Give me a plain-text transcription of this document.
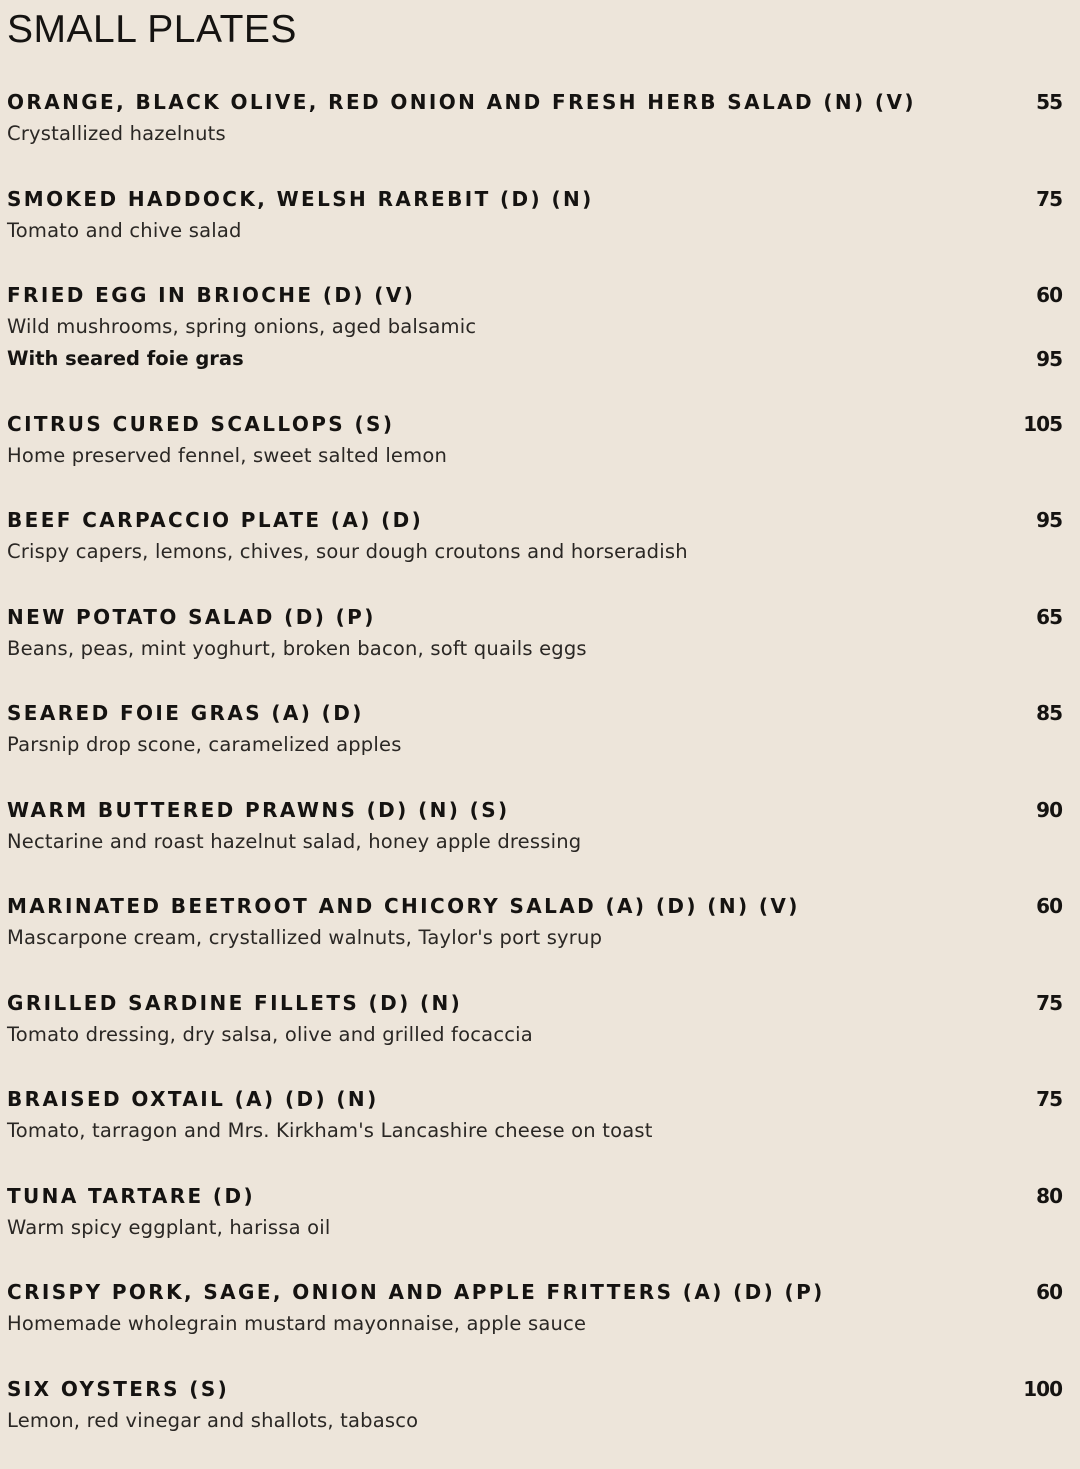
SMALL PLATES
ORANGE, BLACK OLIVE, RED ONION AND FRESH HERB SALAD (N) (V)	55
Crystallized hazelnuts
SMOKED HADDOCK, WELSH RAREBIT (D) (N)	75
Tomato and chive salad
FRIED EGG IN BRIOCHE (D) (V)	60
Wild mushrooms, spring onions, aged balsamic
With seared foie gras	95
CITRUS CURED SCALLOPS (S)	105
Home preserved fennel, sweet salted lemon
BEEF CARPACCIO PLATE (A) (D)	95
Crispy capers, lemons, chives, sour dough croutons and horseradish
NEW POTATO SALAD (D) (P)	65
Beans, peas, mint yoghurt, broken bacon, soft quails eggs
SEARED FOIE GRAS (A) (D)	85
Parsnip drop scone, caramelized apples
WARM BUTTERED PRAWNS (D) (N) (S)	90
Nectarine and roast hazelnut salad, honey apple dressing
MARINATED BEETROOT AND CHICORY SALAD (A) (D) (N) (V)	60
Mascarpone cream, crystallized walnuts, Taylor's port syrup
GRILLED SARDINE FILLETS (D) (N)	75
Tomato dressing, dry salsa, olive and grilled focaccia
BRAISED OXTAIL (A) (D) (N)	75
Tomato, tarragon and Mrs. Kirkham's Lancashire cheese on toast
TUNA TARTARE (D)	80
Warm spicy eggplant, harissa oil
CRISPY PORK, SAGE, ONION AND APPLE FRITTERS (A) (D) (P)	60
Homemade wholegrain mustard mayonnaise, apple sauce
SIX OYSTERS (S)	100
Lemon, red vinegar and shallots, tabasco
